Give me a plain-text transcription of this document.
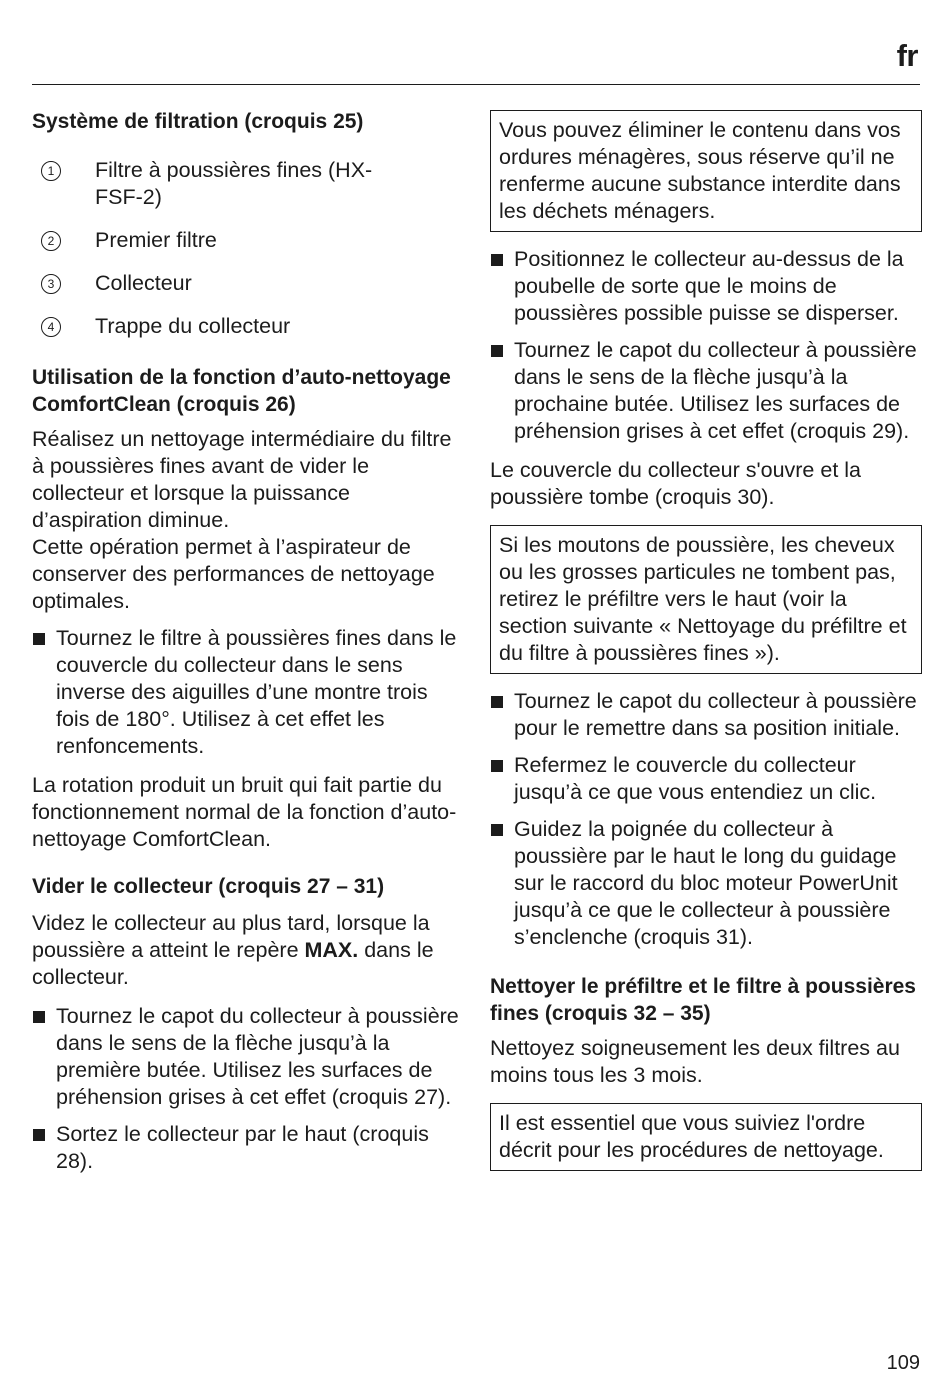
fr
Système de filtration (croquis 25)
1	Filtre à poussières fines (HX-FSF-2)
2	Premier filtre
3	Collecteur
4	Trappe du collecteur
Utilisation de la fonction d’auto-nettoyage ComfortClean (croquis 26)

Réalisez un nettoyage intermédiaire du filtre à poussières fines avant de vider le collecteur et lorsque la puissance d’aspiration diminue.

Cette opération permet à l’aspirateur de conserver des performances de nettoyage optimales.

Tournez le filtre à poussières fines dans le couvercle du collecteur dans le sens inverse des aiguilles d’une montre trois fois de 180°. Utilisez à cet effet les renfoncements.

La rotation produit un bruit qui fait partie du fonctionnement normal de la fonction d’auto-nettoyage ComfortClean.

Vider le collecteur (croquis 27 – 31)

Videz le collecteur au plus tard, lorsque la poussière a atteint le repère MAX. dans le collecteur.

Tournez le capot du collecteur à poussière dans le sens de la flèche jusqu’à la première butée. Utilisez les surfaces de préhension grises à cet effet (croquis 27).
Sortez le collecteur par le haut (croquis 28).
Vous pouvez éliminer le contenu dans vos ordures ménagères, sous réserve qu’il ne renferme aucune substance interdite dans les déchets ménagers.
Positionnez le collecteur au-dessus de la poubelle de sorte que le moins de poussières possible puisse se disperser.
Tournez le capot du collecteur à poussière dans le sens de la flèche jusqu’à la prochaine butée. Utilisez les surfaces de préhension grises à cet effet (croquis 29).

Le couvercle du collecteur s'ouvre et la poussière tombe (croquis 30).

Si les moutons de poussière, les cheveux ou les grosses particules ne tombent pas, retirez le préfiltre vers le haut (voir la section suivante « Nettoyage du préfiltre et du filtre à poussières fines »).
Tournez le capot du collecteur à poussière pour le remettre dans sa position initiale.
Refermez le couvercle du collecteur jusqu’à ce que vous entendiez un clic.
Guidez la poignée du collecteur à poussière par le haut le long du guidage sur le raccord du bloc moteur PowerUnit jusqu’à ce que le collecteur à poussière s’enclenche (croquis 31).
Nettoyer le préfiltre et le filtre à poussières fines (croquis 32 – 35)

Nettoyez soigneusement les deux filtres au moins tous les 3 mois.

Il est essentiel que vous suiviez l'ordre décrit pour les procédures de nettoyage.
109
